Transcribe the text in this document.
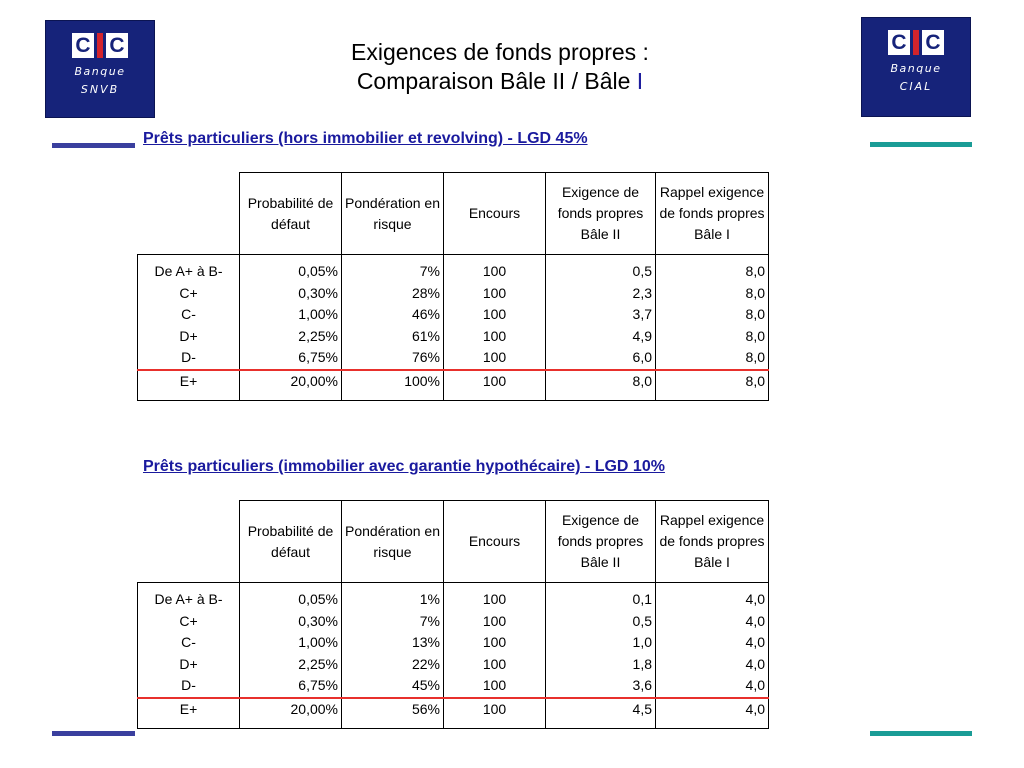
C C
Banque
SNVB
C C
Banque
CIAL
Exigences de fonds propres :
Comparaison Bâle II / Bâle I
Prêts particuliers (hors immobilier et revolving) - LGD 45%
	Probabilité de défaut	Pondération en risque	Encours	Exigence de fonds propres Bâle II	Rappel exigence de fonds propres Bâle I

De A+ à B-	0,05%	7%	100	0,5	8,0
C+	0,30%	28%	100	2,3	8,0
C-	1,00%	46%	100	3,7	8,0
D+	2,25%	61%	100	4,9	8,0
D-	6,75%	76%	100	6,0	8,0
E+	20,00%	100%	100	8,0	8,0
Prêts particuliers (immobilier avec garantie hypothécaire) - LGD 10%
	Probabilité de défaut	Pondération en risque	Encours	Exigence de fonds propres Bâle II	Rappel exigence de fonds propres Bâle I

De A+ à B-	0,05%	1%	100	0,1	4,0
C+	0,30%	7%	100	0,5	4,0
C-	1,00%	13%	100	1,0	4,0
D+	2,25%	22%	100	1,8	4,0
D-	6,75%	45%	100	3,6	4,0
E+	20,00%	56%	100	4,5	4,0
